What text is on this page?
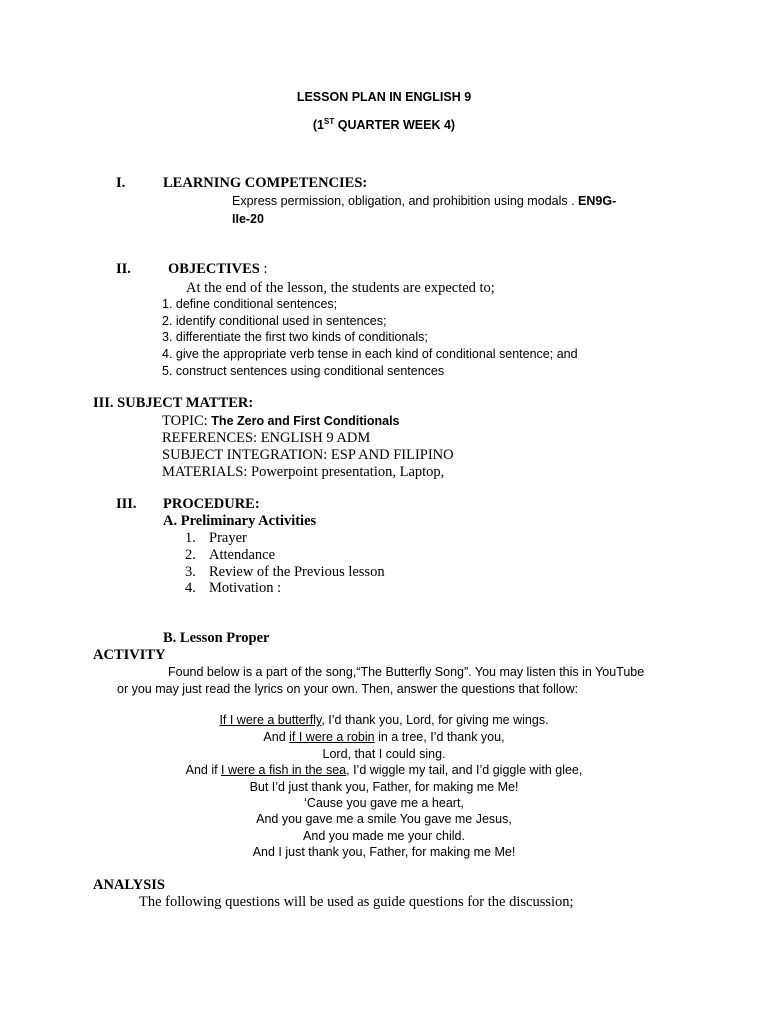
LESSON PLAN IN ENGLISH 9
(1ST QUARTER WEEK 4)
I.	LEARNING COMPETENCIES:
Express permission, obligation, and prohibition using modals . EN9G-
IIe-20
II.	OBJECTIVES :
At the end of the lesson, the students are expected to;
1. define conditional sentences;
2. identify conditional used in sentences;
3. differentiate the first two kinds of conditionals;
4. give the appropriate verb tense in each kind of conditional sentence; and
5. construct sentences using conditional sentences
III. SUBJECT MATTER:
TOPIC: The Zero and First Conditionals
REFERENCES: ENGLISH 9 ADM
SUBJECT INTEGRATION: ESP AND FILIPINO
MATERIALS: Powerpoint presentation, Laptop,
III. PROCEDURE:
A. Preliminary Activities
1. Prayer
2. Attendance
3. Review of the Previous lesson
4. Motivation :
B. Lesson Proper
ACTIVITY
Found below is a part of the song,“The Butterfly Song”. You may listen this in YouTube
or you may just read the lyrics on your own. Then, answer the questions that follow:
If I were a butterfly, I’d thank you, Lord, for giving me wings.
And if I were a robin in a tree, I’d thank you,
Lord, that I could sing.
And if I were a fish in the sea, I’d wiggle my tail, and I’d giggle with glee,
But I’d just thank you, Father, for making me Me!
‘Cause you gave me a heart,
And you gave me a smile You gave me Jesus,
And you made me your child.
And I just thank you, Father, for making me Me!
ANALYSIS
The following questions will be used as guide questions for the discussion;
